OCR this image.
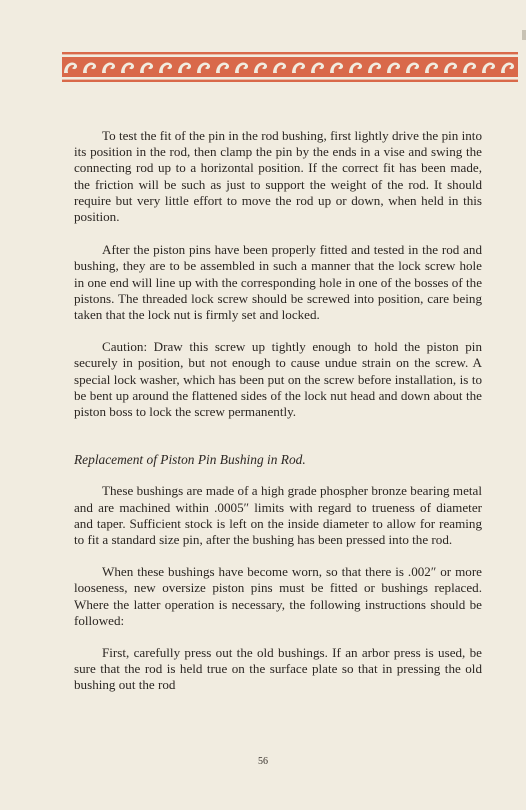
To test the fit of the pin in the rod bushing, first lightly drive the pin into its position in the rod, then clamp the pin by the ends in a vise and swing the connecting rod up to a horizontal position. If the correct fit has been made, the friction will be such as just to support the weight of the rod. It should require but very little effort to move the rod up or down, when held in this position.

After the piston pins have been properly fitted and tested in the rod and bushing, they are to be assembled in such a manner that the lock screw hole in one end will line up with the corresponding hole in one of the bosses of the pistons. The threaded lock screw should be screwed into position, care being taken that the lock nut is firmly set and locked.

Caution: Draw this screw up tightly enough to hold the piston pin securely in position, but not enough to cause undue strain on the screw. A special lock washer, which has been put on the screw before installation, is to be bent up around the flattened sides of the lock nut head and down about the piston boss to lock the screw permanently.

Replacement of Piston Pin Bushing in Rod.

These bushings are made of a high grade phospher bronze bearing metal and are machined within .0005″ limits with regard to trueness of diameter and taper. Sufficient stock is left on the inside diameter to allow for reaming to fit a standard size pin, after the bushing has been pressed into the rod.

When these bushings have become worn, so that there is .002″ or more looseness, new oversize piston pins must be fitted or bushings replaced. Where the latter operation is necessary, the following instructions should be followed:

First, carefully press out the old bushings. If an arbor press is used, be sure that the rod is held true on the surface plate so that in pressing the old bushing out the rod

56
